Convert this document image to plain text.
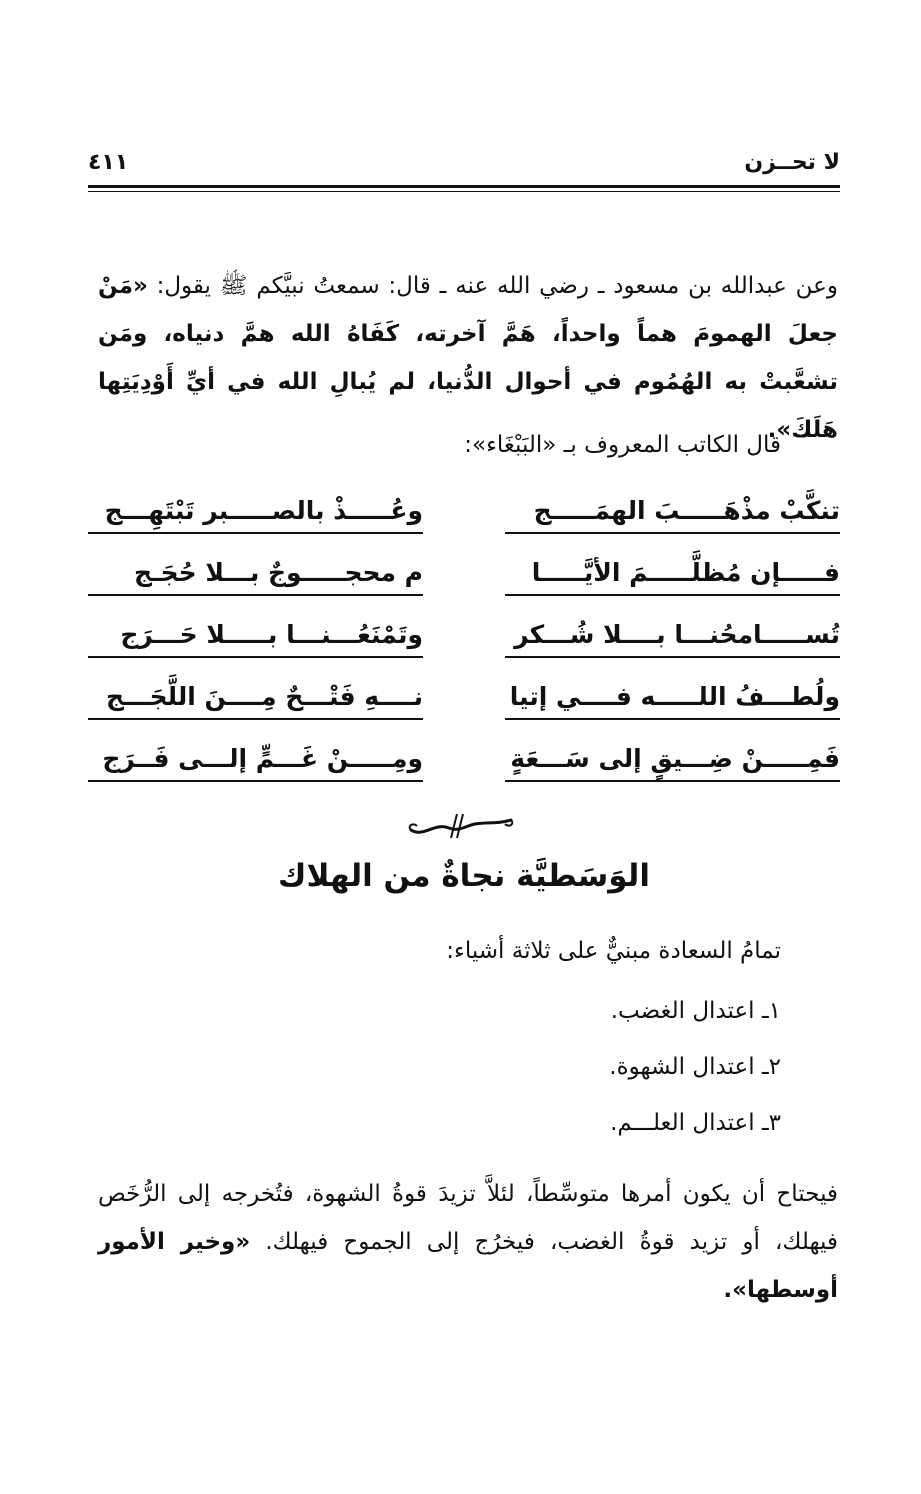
لا تحــزن
٤١١
وعن عبدالله بن مسعود ـ رضي الله عنه ـ قال: سمعتُ نبيَّكم ﷺ يقول: «مَنْ جعلَ الهمومَ هماً واحداً، هَمَّ آخرته، كَفَاهُ الله همَّ دنياه، ومَن تشعَّبتْ به الهُمُوم في أحوال الدُّنيا، لم يُبالِ الله في أيِّ أَوْدِيَتِها هَلَكَ».
قال الكاتب المعروف بـ «البَبْغَاء»:
تنكَّبْ مذْهَـــــبَ الهمَـــــج
وعُـــــذْ بالصـــــبر تَبْتَهِـــج
فـــــإن مُظلَّـــــمَ الأيَّـــــا
م محجـــــوجٌ بـــلا حُجَـج
تُســـــامحُنـــا بــــلا شُـــكر
وتَمْنَعُـــنـــا بـــــلا حَـــرَج
ولُطـــفُ اللـــــه فــــي إتيا
نــــهِ فَتْـــحٌ مِــــنَ اللَّجَـــج
فَمِـــــنْ ضِـــيقٍ إلى سَـــعَةٍ
ومِـــــنْ غَـــمٍّ إلـــى فَــرَج
الوَسَطيَّة نجاةٌ من الهلاك
تمامُ السعادة مبنيٌّ على ثلاثة أشياء:
١ـ اعتدال الغضب.
٢ـ اعتدال الشهوة.
٣ـ اعتدال العلـــم.
فيحتاح أن يكون أمرها متوسِّطاً، لئلاَّ تزيدَ قوةُ الشهوة، فتُخرجه إلى الرُّخَص فيهلك، أو تزيد قوةُ الغضب، فيخرُج إلى الجموح فيهلك. «وخير الأمور أوسطها».
